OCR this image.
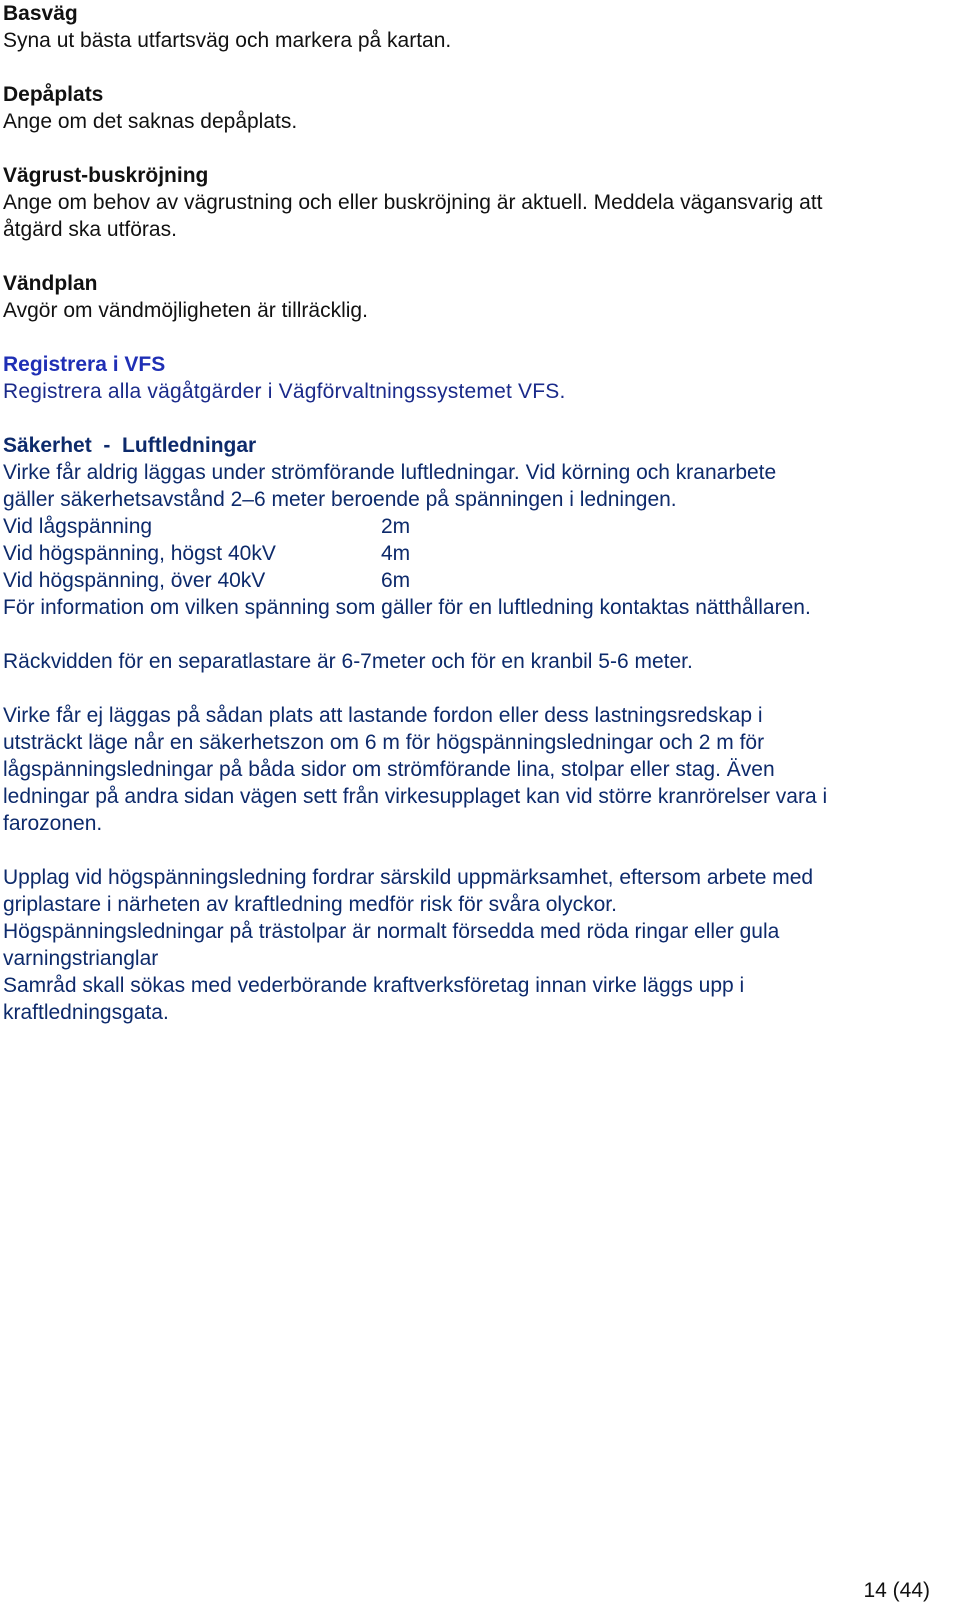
Basväg
Syna ut bästa utfartsväg och markera på kartan.
Depåplats
Ange om det saknas depåplats.
Vägrust-buskröjning
Ange om behov av vägrustning och eller buskröjning är aktuell. Meddela vägansvarig att
åtgärd ska utföras.
Vändplan
Avgör om vändmöjligheten är tillräcklig.
Registrera i VFS
Registrera alla vägåtgärder i Vägförvaltningssystemet VFS.
Säkerhet  -  Luftledningar
Virke får aldrig läggas under strömförande luftledningar. Vid körning och kranarbete
gäller säkerhetsavstånd 2–6 meter beroende på spänningen i ledningen.
Vid lågspänning	2m
Vid högspänning, högst 40kV	4m
Vid högspänning, över 40kV	6m
För information om vilken spänning som gäller för en luftledning kontaktas nätthållaren.
Räckvidden för en separatlastare är 6-7meter och för en kranbil 5-6 meter.
Virke får ej läggas på sådan plats att lastande fordon eller dess lastningsredskap i
utsträckt läge når en säkerhetszon om 6 m för högspänningsledningar och 2 m för
lågspänningsledningar på båda sidor om strömförande lina, stolpar eller stag. Även
ledningar på andra sidan vägen sett från virkesupplaget kan vid större kranrörelser vara i
farozonen.
Upplag vid högspänningsledning fordrar särskild uppmärksamhet, eftersom arbete med
griplastare i närheten av kraftledning medför risk för svåra olyckor.
Högspänningsledningar på trästolpar är normalt försedda med röda ringar eller gula
varningstrianglar
Samråd skall sökas med vederbörande kraftverksföretag innan virke läggs upp i
kraftledningsgata.
14 (44)
